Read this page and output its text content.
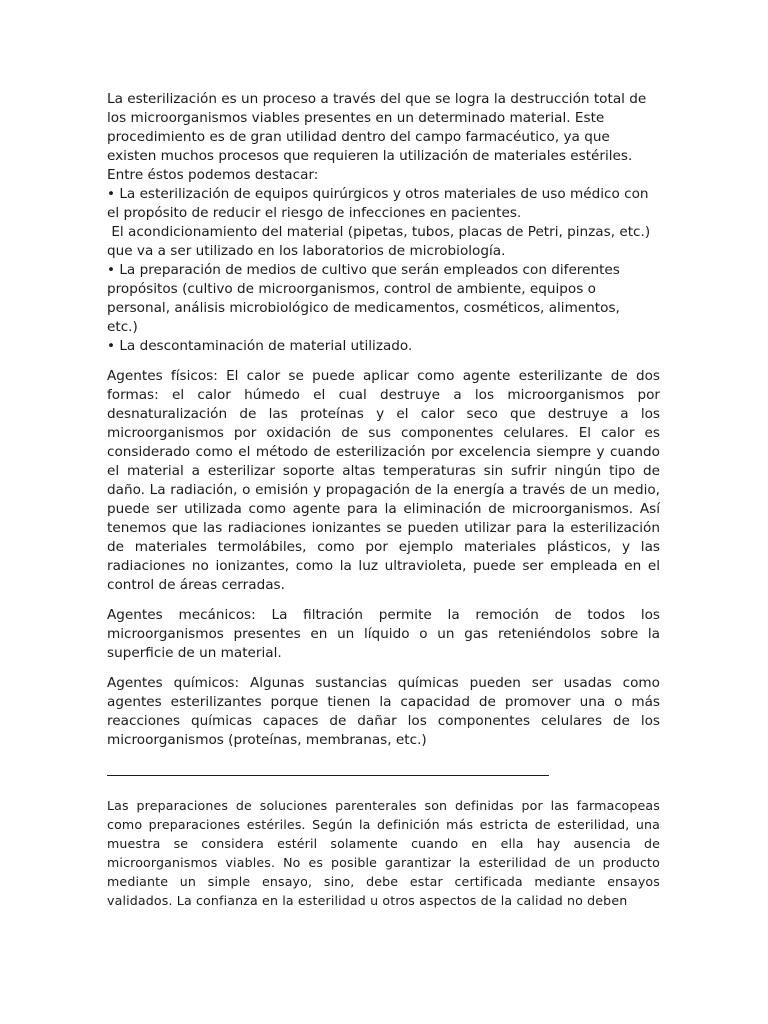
La esterilización es un proceso a través del que se logra la destrucción total de
los microorganismos viables presentes en un determinado material. Este
procedimiento es de gran utilidad dentro del campo farmacéutico, ya que
existen muchos procesos que requieren la utilización de materiales estériles.
Entre éstos podemos destacar:
• La esterilización de equipos quirúrgicos y otros materiales de uso médico con
el propósito de reducir el riesgo de infecciones en pacientes.
El acondicionamiento del material (pipetas, tubos, placas de Petri, pinzas, etc.)
que va a ser utilizado en los laboratorios de microbiología.
• La preparación de medios de cultivo que serán empleados con diferentes
propósitos (cultivo de microorganismos, control de ambiente, equipos o
personal, análisis microbiológico de medicamentos, cosméticos, alimentos,
etc.)
• La descontaminación de material utilizado.

Agentes físicos: El calor se puede aplicar como agente esterilizante de dos formas: el calor húmedo el cual destruye a los microorganismos por desnaturalización de las proteínas y el calor seco que destruye a los microorganismos por oxidación de sus componentes celulares. El calor es considerado como el método de esterilización por excelencia siempre y cuando el material a esterilizar soporte altas temperaturas sin sufrir ningún tipo de daño. La radiación, o emisión y propagación de la energía a través de un medio, puede ser utilizada como agente para la eliminación de microorganismos. Así tenemos que las radiaciones ionizantes se pueden utilizar para la esterilización de materiales termolábiles, como por ejemplo materiales plásticos, y las radiaciones no ionizantes, como la luz ultravioleta, puede ser empleada en el control de áreas cerradas.

Agentes mecánicos: La filtración permite la remoción de todos los microorganismos presentes en un líquido o un gas reteniéndolos sobre la superficie de un material.

Agentes químicos: Algunas sustancias químicas pueden ser usadas como agentes esterilizantes porque tienen la capacidad de promover una o más reacciones químicas capaces de dañar los componentes celulares de los microorganismos (proteínas, membranas, etc.)

Las preparaciones de soluciones parenterales son definidas por las farmacopeas como preparaciones estériles. Según la definición más estricta de esterilidad, una muestra se considera estéril solamente cuando en ella hay ausencia de microorganismos viables. No es posible garantizar la esterilidad de un producto mediante un simple ensayo, sino, debe estar certificada mediante ensayos validados. La confianza en la esterilidad u otros aspectos de la calidad no deben
